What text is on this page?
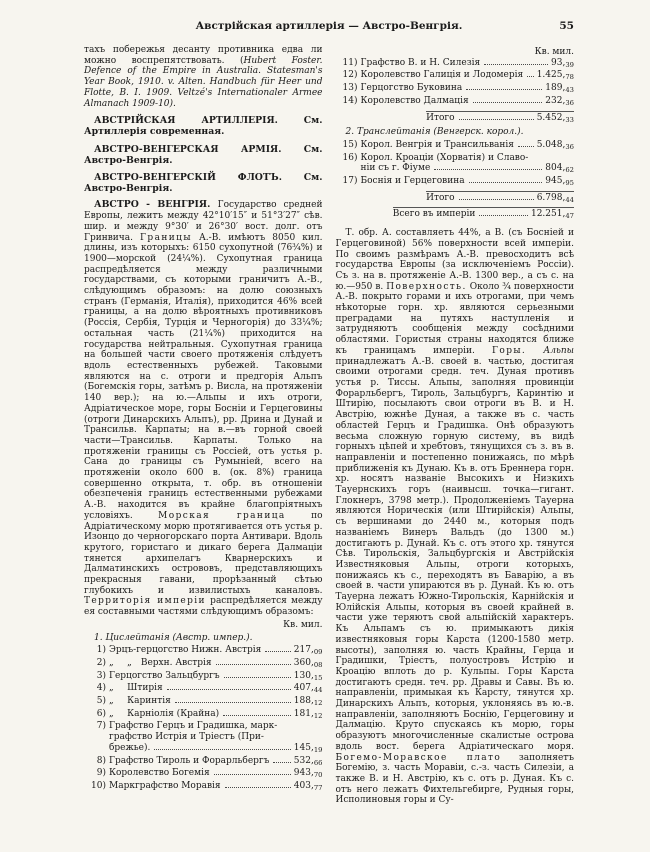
Австрійская артиллерія — Австро-Венгрія.	55

тахъ побережья десанту противника едва ли можно воспрепятствовать. (Hubert Foster. Defence of the Empire in Australia. Statesman's Year Book, 1910. v. Alten. Handbuch für Heer und Flotte, B. I. 1909. Veltzé's Internationaler Armee Almanach 1909-10).

АВСТРІЙСКАЯ АРТИЛЛЕРІЯ. См. Артиллерія современная.

АВСТРО-ВЕНГЕРСКАЯ АРМІЯ. См. Австро-Венгрія.

АВСТРО-ВЕНГЕРСКІЙ ФЛОТЪ. См. Австро-Венгрія.

АВСТРО - ВЕНГРІЯ. Государство средней Европы, лежитъ между 42°10′15″ и 51°3′27″ сѣв. шир. и между 9°30′ и 26°30′ вост. долг. отъ Гринвича. Границы А.-В. имѣютъ 8050 кил. длины, изъ которыхъ: 6150 сухопутной (76¾%) и 1900—морской (24¼%). Сухопутная граница распредѣляется между различными государствами, съ которыми граничитъ А.-В., слѣдующимъ образомъ: на долю союзныхъ странъ (Германія, Италія), приходится 46% всей границы, а на долю вѣроятныхъ противниковъ (Россія, Сербія, Турція и Черногорія) до 33¼%; остальная часть (21¼%) приходится на государства нейтральныя. Сухопутная граница на большей части своего протяженія слѣдуетъ вдоль естественныхъ рубежей. Таковыми являются на с. отроги и предгорія Альпъ (Богемскія горы, затѣмъ р. Висла, на протяженіи 140 вер.); на ю.—Альпы и ихъ отроги, Адріатическое море, горы Босніи и Герцеговины (отроги Динарскихъ Альпъ), рр. Дрина и Дунай и Трансильв. Карпаты; на в.—въ горной своей части—Трансильв. Карпаты. Только на протяженіи границы съ Россіей, отъ устья р. Сана до границы съ Румыніей, всего на протяженіи около 600 в. (ок. 8%) граница совершенно открыта, т. обр. въ отношеніи обезпеченія границъ естественными рубежами А.-В. находится въ крайне благопріятныхъ условіяхъ. Морская граница по Адріатическому морю протягивается отъ устья р. Изонцо до черногорскаго порта Антивари. Вдоль крутого, гористаго и дикаго берега Далмаціи тянется архипелагъ Кварнерскихъ и Далматинскихъ острововъ, представляющихъ прекрасныя гавани, прорѣзанный сѣтью глубокихъ и извилистыхъ каналовъ. Территорія имперіи распредѣляется между ея составными частями слѣдующимъ образомъ:

Кв. мил.

1. Цислейтанія (Австр. импер.).

1) Эрцъ-герцогство Нижн. Австрія	$217,_{09}$
2) „  „ Верхн. Австрія	$360,_{08}$
3) Герцогство Зальцбургъ	$130,_{15}$
4) „  Штирія	$407,_{44}$
5) „  Каринтія	$188,_{12}$
6) „  Карніолія (Крайна)	$181,_{12}$
7) Графство Герцъ и Градишка, марк-
графство Истрія и Тріестъ (При-
брежье).	$145,_{19}$
8) Графство Тироль и Форарльбергъ	$532,_{66}$
9) Королевство Богемія	$943,_{70}$
10) Маркграфство Моравія	$403,_{77}$
Кв. мил.
11) Графство В. и Н. Силезія	$93,_{39}$
12) Королевство Галиція и Лодомерія $1.425,_{78}$
13) Герцогство Буковина	$189,_{43}$
14) Королевство Далмація	$232,_{36}$
Итого	$5.452,_{33}$

2. Транслейтанія (Венгерск. корол.).

15) Корол. Венгрія и Трансильванія	$5.048,_{36}$
16) Корол. Кроаціи (Хорватія) и Славо-
ніи съ г. Фіуме	$804,_{62}$
17) Боснія и Герцеговина	$945,_{95}$
Итого	$6.798,_{44}$
Всего въ имперіи	$12.251,_{47}$

Т. обр. А. составляетъ 44%, а В. (съ Босніей и Герцеговиной) 56% поверхности всей имперіи. По своимъ размѣрамъ А.-В. превосходитъ всѣ государства Европы (за исключеніемъ Россіи). Съ з. на в. протяженіе А.-В. 1300 вер., а съ с. на ю.—950 в. Поверхность. Около ¾ поверхности А.-В. покрыто горами и ихъ отрогами, при чемъ нѣкоторые горн. хр. являются серьезными преградами на путяхъ наступленія и затрудняютъ сообщенія между сосѣдними областями. Гористыя страны находятся ближе къ границамъ имперіи. Горы. Альпы принадлежатъ А.-В. своей в. частью, достигая своими отрогами средн. теч. Дуная противъ устья р. Тиссы. Альпы, заполняя провинціи Форарльбергъ, Тироль, Зальцбургъ, Каринтію и Штирію, посылаютъ свои отроги въ В. и Н. Австрію, южнѣе Дуная, а также въ с. часть областей Герцъ и Градишка. Онѣ образуютъ весьма сложную горную систему, въ видѣ горныхъ цѣпей и хребтовъ, тянущихся съ з. въ в. направленіи и постепенно понижаясь, по мѣрѣ приближенія къ Дунаю. Къ в. отъ Бреннера горн. хр. носятъ названіе Высокихъ и Низкихъ Тауернскихъ горъ (наивысш. точка—гигант. Глокнеръ, 3798 метр.). Продолженіемъ Тауерна являются Норическія (или Штирійскія) Альпы, съ вершинами до 2440 м., которыя подъ названіемъ Винеръ Вальдъ (до 1300 м.) достигаютъ р. Дунай. Къ с. отъ этого хр. тянутся Сѣв. Тирольскія, Зальцбургскія и Австрійскія Известняковыя Альпы, отроги которыхъ, понижаясь къ с., переходятъ въ Баварію, а въ своей в. части упираются въ р. Дунай. Къ ю. отъ Тауерна лежатъ Южно-Тирольскія, Карнійскія и Юлійскія Альпы, которыя въ своей крайней в. части уже теряютъ свой альпійскій характеръ. Къ Альпамъ съ ю. примыкаютъ дикія известняковыя горы Карста (1200-1580 метр. высоты), заполняя ю. часть Крайны, Герца и Градишки, Тріестъ, полуостровъ Истрію и Кроацію вплоть до р. Кульпы. Горы Карста достигаютъ средн. теч. рр. Дравы и Савы. Въ ю. направленіи, примыкая къ Карсту, тянутся хр. Динарскихъ Альпъ, которыя, уклоняясь въ ю.-в. направленіи, заполняютъ Боснію, Герцеговину и Далмацію. Круто спускаясь къ морю, горы образуютъ многочисленные скалистые острова вдоль вост. берега Адріатическаго моря. Богемо-Моравское плато заполняетъ Богемію, з. часть Моравіи, с.-з. часть Силезіи, а также В. и Н. Австрію, къ с. отъ р. Дуная. Къ с. отъ него лежатъ Фихтельгебирге, Рудныя горы, Исполиновыя горы и Су-
